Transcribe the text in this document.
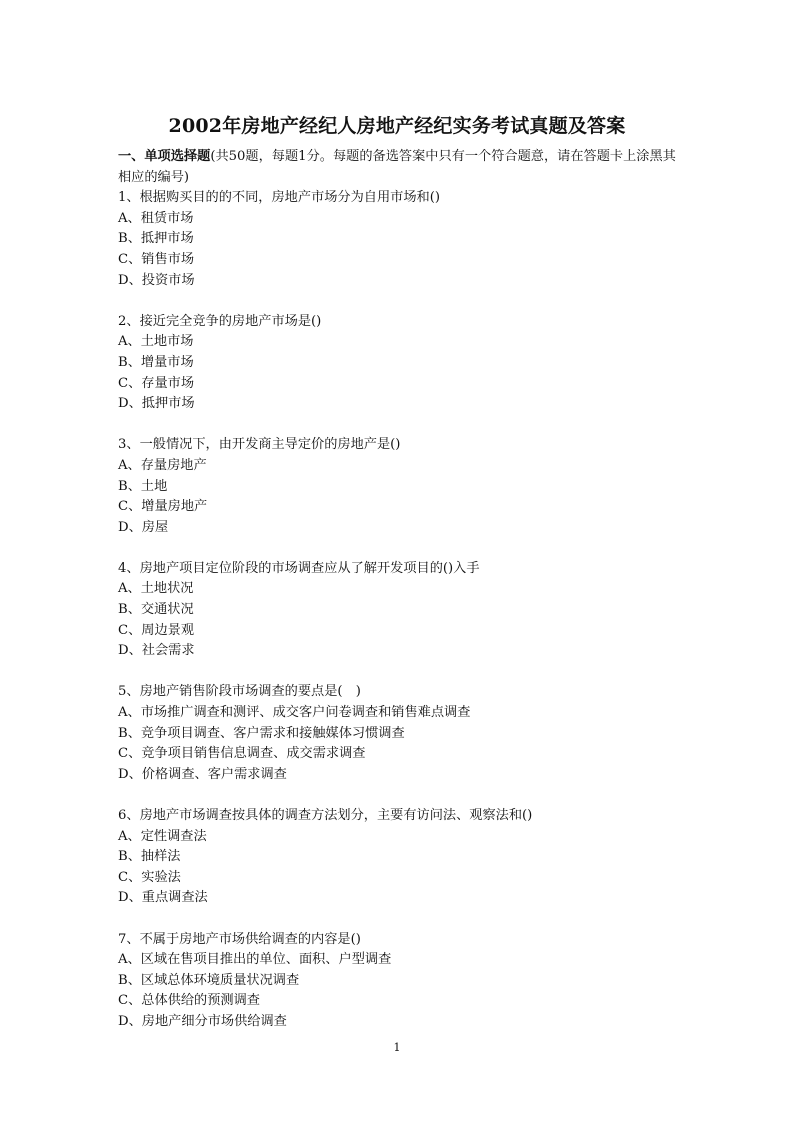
2002年房地产经纪人房地产经纪实务考试真题及答案
一、单项选择题(共50题，每题1分。每题的备选答案中只有一个符合题意，请在答题卡上涂黑其相应的编号)

1、根据购买目的的不同，房地产市场分为自用市场和()

A、租赁市场

B、抵押市场

C、销售市场

D、投资市场

2、接近完全竞争的房地产市场是()

A、土地市场

B、增量市场

C、存量市场

D、抵押市场

3、一般情况下，由开发商主导定价的房地产是()

A、存量房地产

B、土地

C、增量房地产

D、房屋

4、房地产项目定位阶段的市场调查应从了解开发项目的()入手

A、土地状况

B、交通状况

C、周边景观

D、社会需求

5、房地产销售阶段市场调查的要点是(　)

A、市场推广调查和测评、成交客户问卷调查和销售难点调查

B、竞争项目调查、客户需求和接触媒体习惯调查

C、竞争项目销售信息调查、成交需求调查

D、价格调查、客户需求调查

6、房地产市场调查按具体的调查方法划分，主要有访问法、观察法和()

A、定性调查法

B、抽样法

C、实验法

D、重点调查法

7、不属于房地产市场供给调查的内容是()

A、区域在售项目推出的单位、面积、户型调查

B、区域总体环境质量状况调查

C、总体供给的预测调查

D、房地产细分市场供给调查

1
